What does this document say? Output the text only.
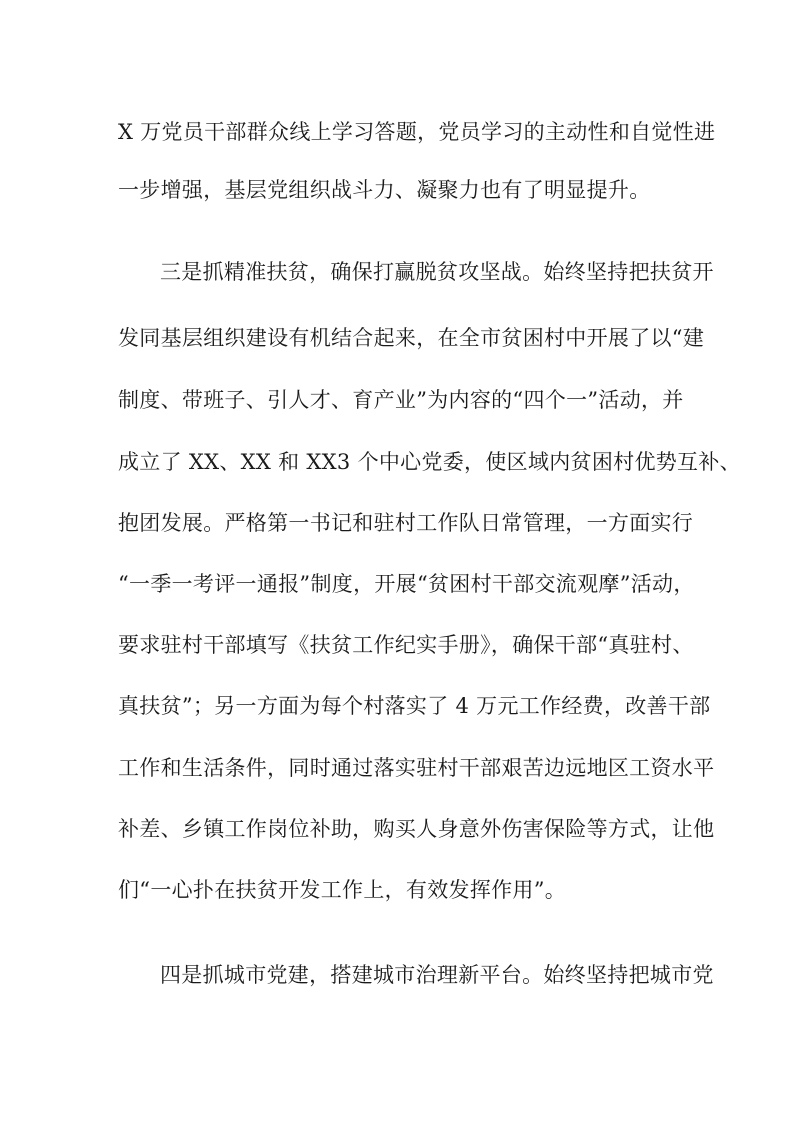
X 万党员干部群众线上学习答题，党员学习的主动性和自觉性进
一步增强，基层党组织战斗力、凝聚力也有了明显提升。
三是抓精准扶贫，确保打赢脱贫攻坚战。始终坚持把扶贫开
发同基层组织建设有机结合起来，在全市贫困村中开展了以“建
制度、带班子、引人才、育产业”为内容的“四个一”活动，并
成立了 XX、XX 和 XX3 个中心党委，使区域内贫困村优势互补、
抱团发展。严格第一书记和驻村工作队日常管理，一方面实行
“一季一考评一通报”制度，开展“贫困村干部交流观摩”活动，
要求驻村干部填写《扶贫工作纪实手册》，确保干部“真驻村、
真扶贫”；另一方面为每个村落实了 4 万元工作经费，改善干部
工作和生活条件，同时通过落实驻村干部艰苦边远地区工资水平
补差、乡镇工作岗位补助，购买人身意外伤害保险等方式，让他
们“一心扑在扶贫开发工作上，有效发挥作用”。
四是抓城市党建，搭建城市治理新平台。始终坚持把城市党
